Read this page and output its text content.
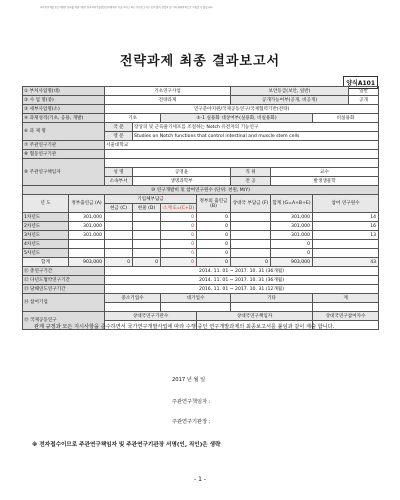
국가연구개발 보고서원문 성과물 전담기관인 한국과학기술정보연구원에서 가공·서비스 하는 연구보고서는 동의 없이 상업적 및 기타 영리목적으로 사용할 수 없습니다.
전략과제 최종 결과보고서
양식A101
① 부처사업명(대)		기초연구사업				보안등급(보안, 일반)			일반
② 사 업 명(중)		전략과제				공개가능여부(공개, 비공개)			공개
③ 세부사업명(소)		연구분야지원/국제공동연구/국제협력기반(전략)							
④ 과제성격(기초, 응용, 개발)		기초		⑤-1 실용화 대상여부(실용화, 비실용화)				비실용화	
⑥ 과 제 명		국 문	장상피 및 근육줄기세포를 조절하는 Notch 유전자의 기능연구						
		영 문	Studies on Notch functions that control intestinal and muscle stem cells						
⑦ 주관연구기관		서울대학교							
⑧ 협동연구기관									
⑨ 주관연구책임자									
		성 명	공영윤			직 위	교수		
		소속부서	생명과학부			전 공	발생생물학		
⑩ 연구개발비 및 참여연구원수 (단위: 천원, M/Y)									
년 도	정부출연금 (A)	기업체부담금			정부외 출연금 (B)	상대국 부담금 (F)	합계 (G=A+B+E)	참여 연구원수	
		현금 (C)	현물 (D)	소계 E=(C+D)					
1차년도	301,000			0	0		301,000	14	
2차년도	301,000			0	0		301,000	16	
3차년도	301,000			0	0		301,000	13	
4차년도				0	0		0		
5차년도				0	0		0		
합계	903,000	0	0	0	0	0	903,000	43	
⑪ 총연구기간		2014. 11. 01 ~ 2017. 10. 31 (36개월)							
⑫ 다년도협약연구기간		2014. 11. 01 ~ 2017. 10. 31 (36개월)							
⑬ 당해연도연구기간		2016. 11. 01 ~ 2017. 10. 31 (12개월)							
⑭ 참여기업		중소기업수		대기업수		기타		계	

⑮ 국제공동연구		상대국연구기관수			상대국연구책임자			상대국연구참여자수	

관계 규정과 모든 지시사항을 준수하면서 국가연구개발사업에 따라 수행 중인 연구개발과제의 최종보고서를 붙임과 같이 제출 합니다.
2017 년 월 일
주관연구책임자 :
주관연구기관장 :
※ 전자접수이므로 주관연구책임자 및 주관연구기관장 서명(인, 직인)은 생략
- 1 -
